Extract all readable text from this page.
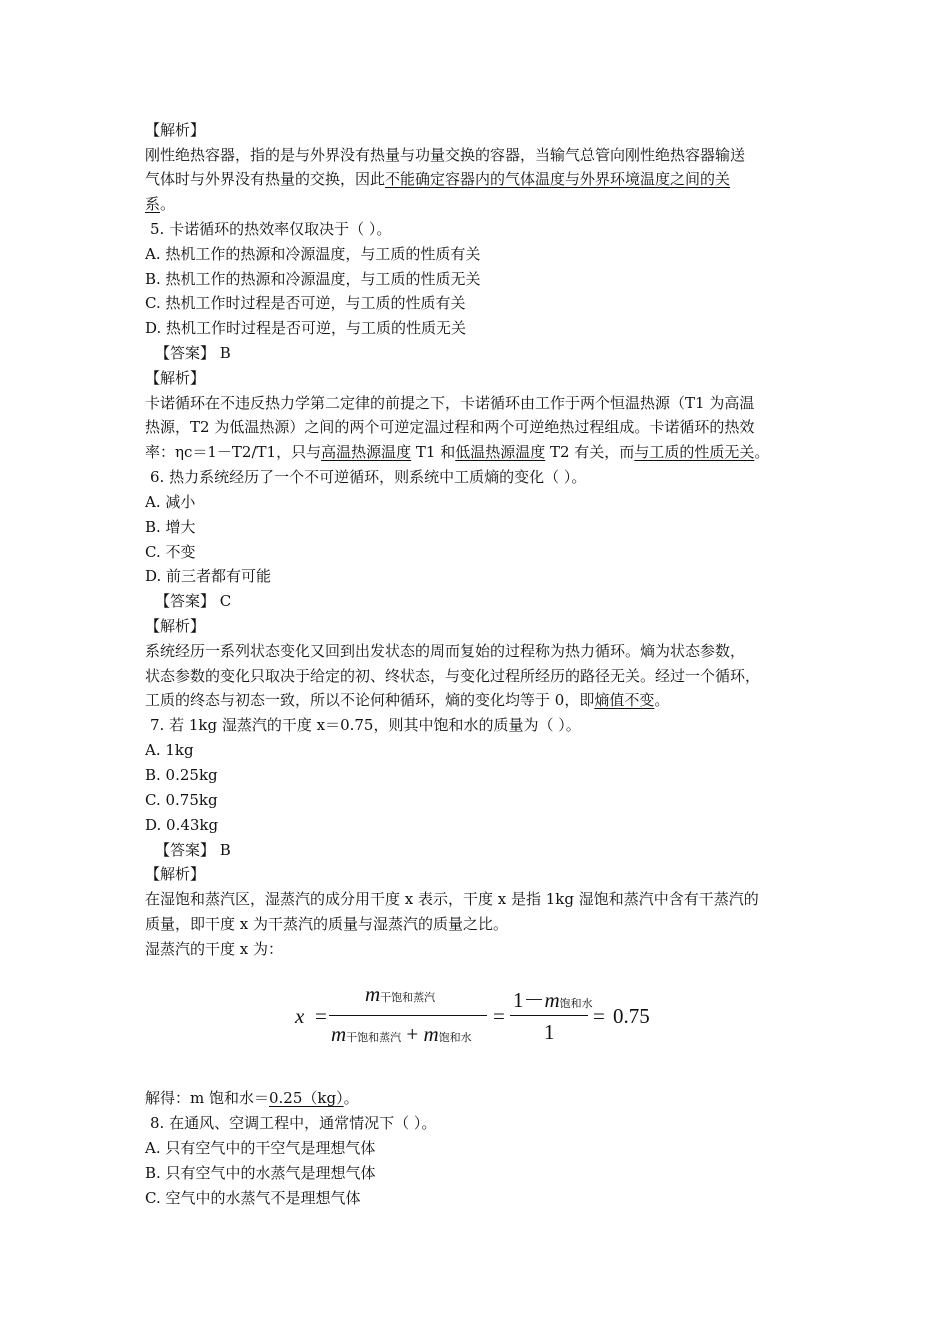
【解析】
刚性绝热容器，指的是与外界没有热量与功量交换的容器，当输气总管向刚性绝热容器输送
气体时与外界没有热量的交换，因此不能确定容器内的气体温度与外界环境温度之间的关
系。
5. 卡诺循环的热效率仅取决于（ ）。
A. 热机工作的热源和冷源温度，与工质的性质有关
B. 热机工作的热源和冷源温度，与工质的性质无关
C. 热机工作时过程是否可逆，与工质的性质有关
D. 热机工作时过程是否可逆，与工质的性质无关
【答案】 B
【解析】
卡诺循环在不违反热力学第二定律的前提之下，卡诺循环由工作于两个恒温热源（T1 为高温
热源，T2 为低温热源）之间的两个可逆定温过程和两个可逆绝热过程组成。卡诺循环的热效
率：ηc＝1－T2/T1，只与高温热源温度 T1 和低温热源温度 T2 有关，而与工质的性质无关。
6. 热力系统经历了一个不可逆循环，则系统中工质熵的变化（ ）。
A. 减小
B. 增大
C. 不变
D. 前三者都有可能
【答案】 C
【解析】
系统经历一系列状态变化又回到出发状态的周而复始的过程称为热力循环。熵为状态参数，
状态参数的变化只取决于给定的初、终状态，与变化过程所经历的路径无关。经过一个循环，
工质的终态与初态一致，所以不论何种循环，熵的变化均等于 0，即熵值不变。
7. 若 1kg 湿蒸汽的干度 x＝0.75，则其中饱和水的质量为（ ）。
A. 1kg
B. 0.25kg
C. 0.75kg
D. 0.43kg
【答案】 B
【解析】
在湿饱和蒸汽区，湿蒸汽的成分用干度 x 表示，干度 x 是指 1kg 湿饱和蒸汽中含有干蒸汽的
质量，即干度 x 为干蒸汽的质量与湿蒸汽的质量之比。
湿蒸汽的干度 x 为：
x =
m干饱和蒸汽
m干饱和蒸汽 + m饱和水
=
1－m饱和水
1
= 0.75
解得：m 饱和水＝0.25（kg）。
8. 在通风、空调工程中，通常情况下（ ）。
A. 只有空气中的干空气是理想气体
B. 只有空气中的水蒸气是理想气体
C. 空气中的水蒸气不是理想气体
